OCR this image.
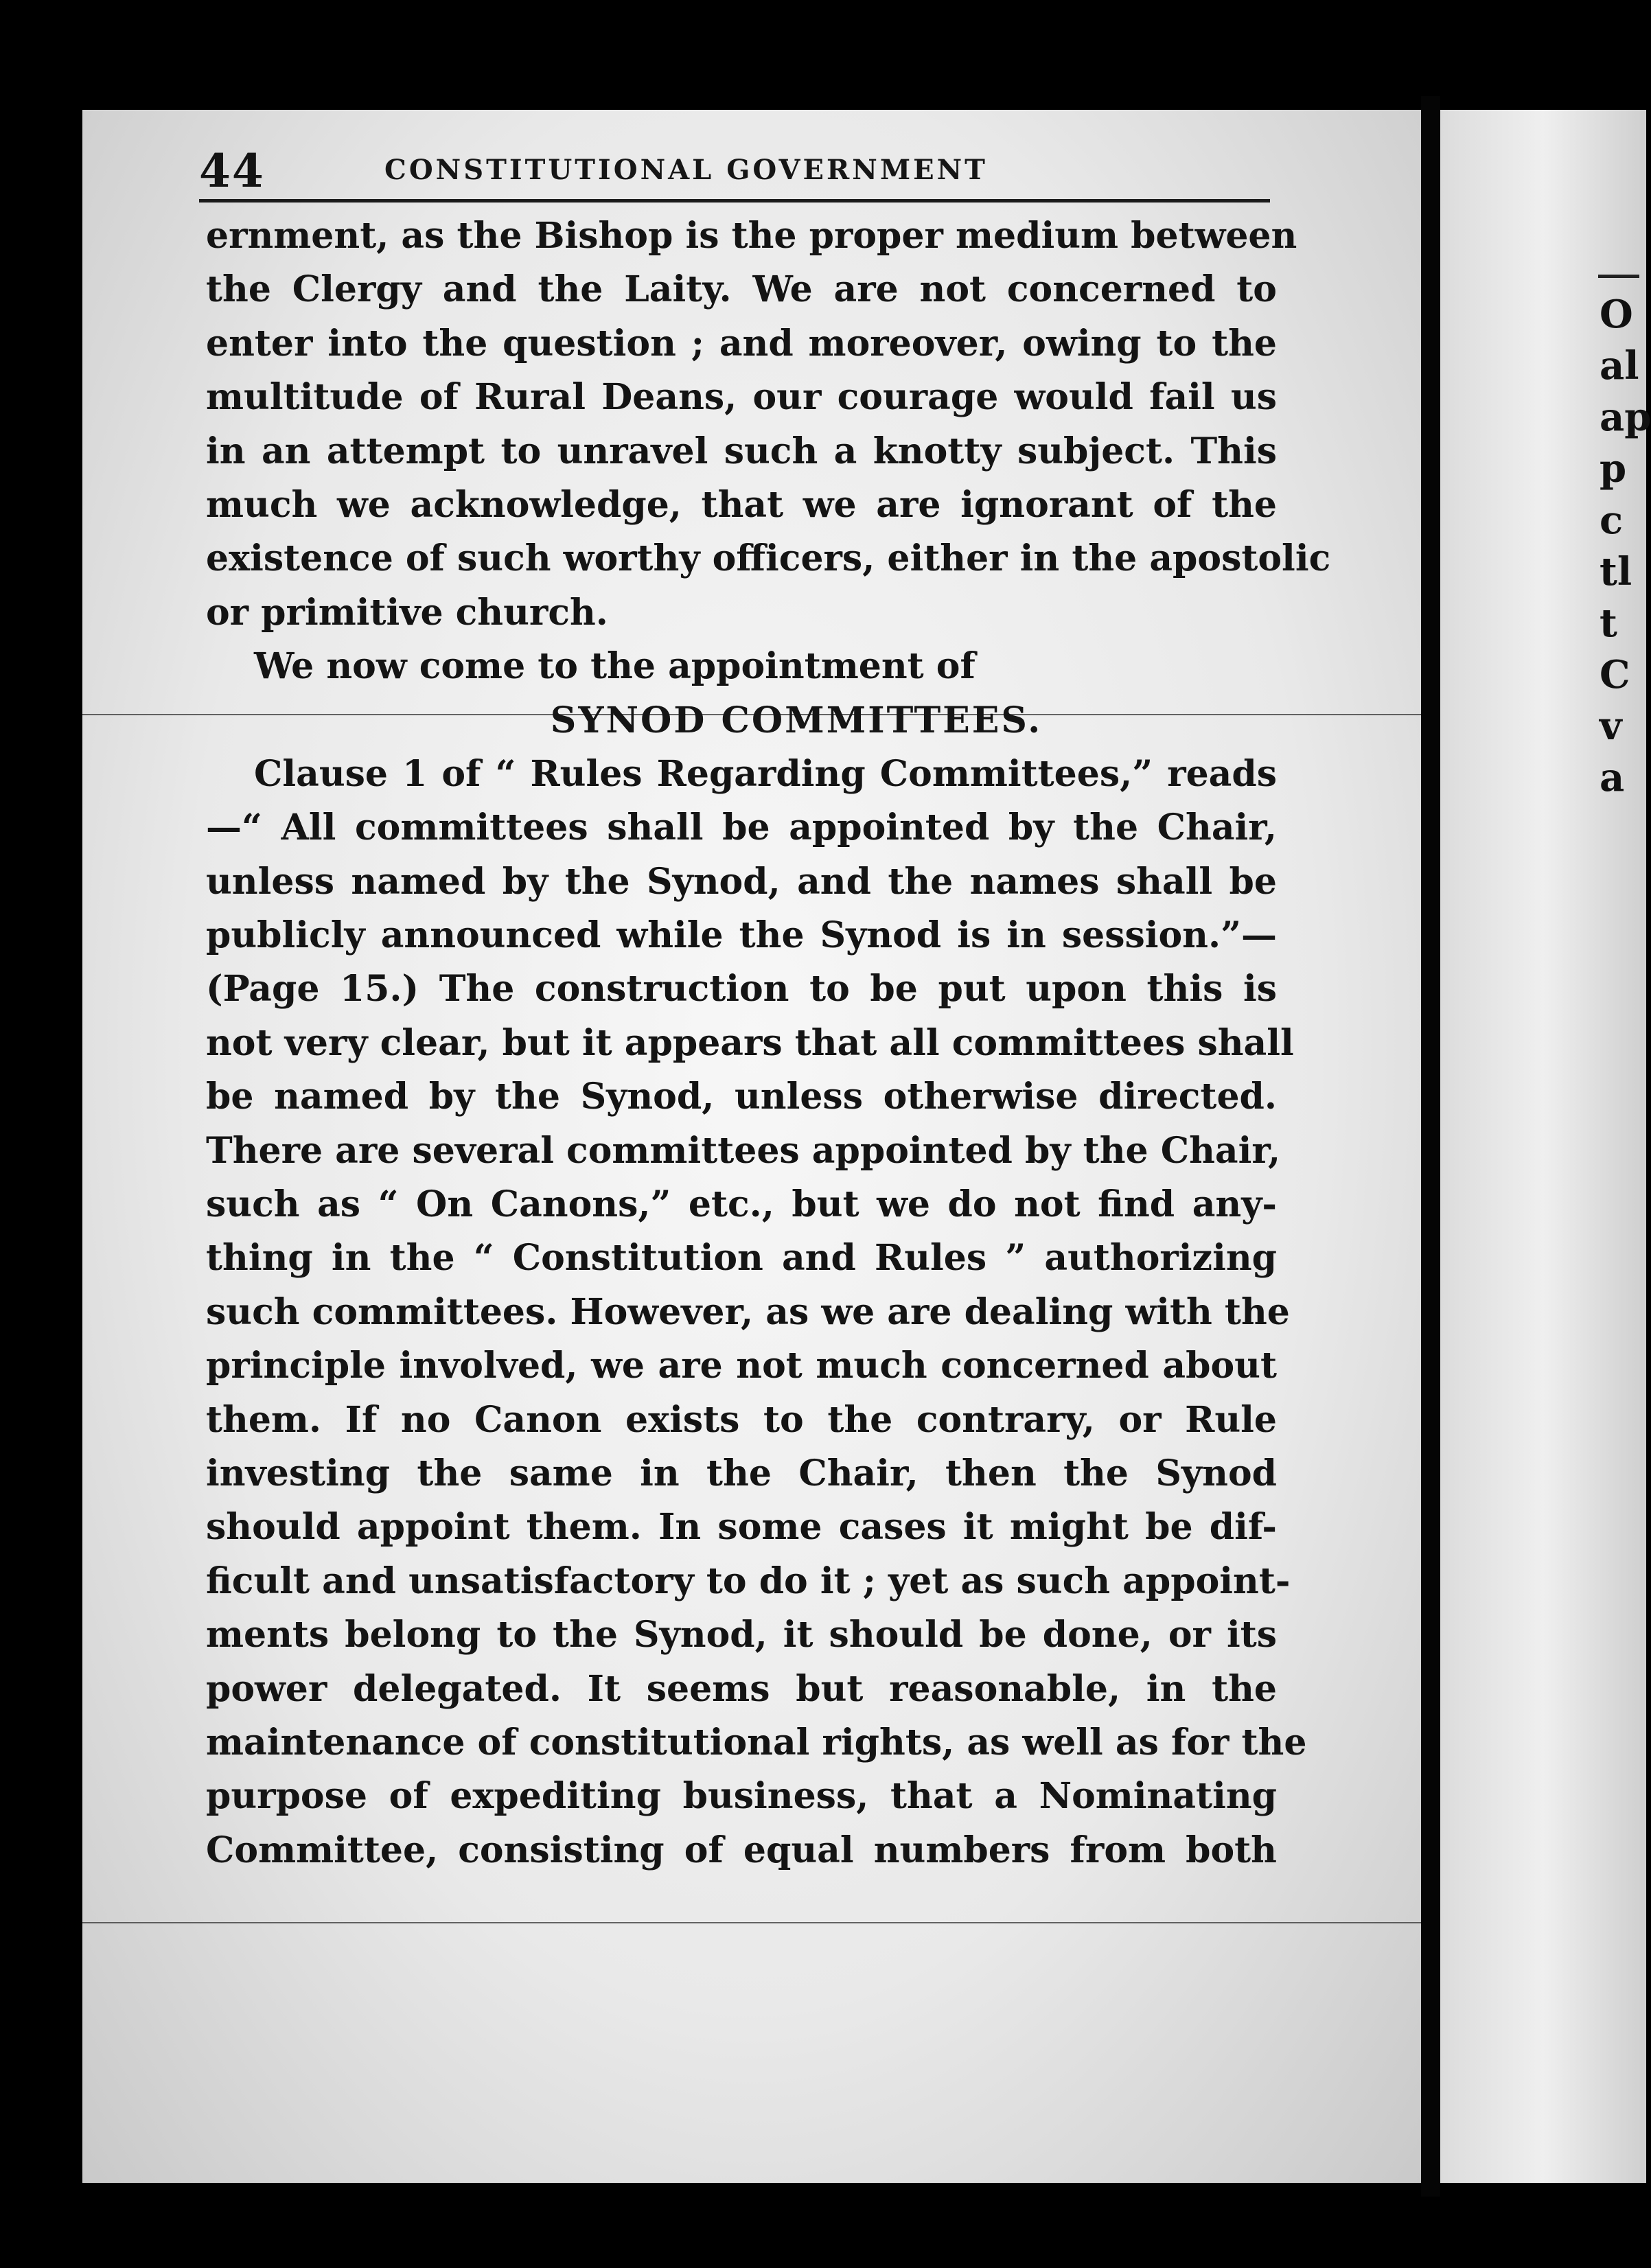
O
al
ap
p
c
tl
t
C
v
a
44	CONSTITUTIONAL GOVERNMENT
ernment, as the Bishop is the proper medium between
the Clergy and the Laity. We are not concerned to
enter into the question ; and moreover, owing to the
multitude of Rural Deans, our courage would fail us
in an attempt to unravel such a knotty subject. This
much we acknowledge, that we are ignorant of the
existence of such worthy officers, either in the apostolic
or primitive church.
We now come to the appointment of
SYNOD COMMITTEES.
Clause 1 of “ Rules Regarding Committees,” reads
—“ All committees shall be appointed by the Chair,
unless named by the Synod, and the names shall be
publicly announced while the Synod is in session.”—
(Page 15.) The construction to be put upon this is
not very clear, but it appears that all committees shall
be named by the Synod, unless otherwise directed.
There are several committees appointed by the Chair,
such as “ On Canons,” etc., but we do not find any-
thing in the “ Constitution and Rules ” authorizing
such committees. However, as we are dealing with the
principle involved, we are not much concerned about
them. If no Canon exists to the contrary, or Rule
investing the same in the Chair, then the Synod
should appoint them. In some cases it might be dif-
ficult and unsatisfactory to do it ; yet as such appoint-
ments belong to the Synod, it should be done, or its
power delegated. It seems but reasonable, in the
maintenance of constitutional rights, as well as for the
purpose of expediting business, that a Nominating
Committee, consisting of equal numbers from both
